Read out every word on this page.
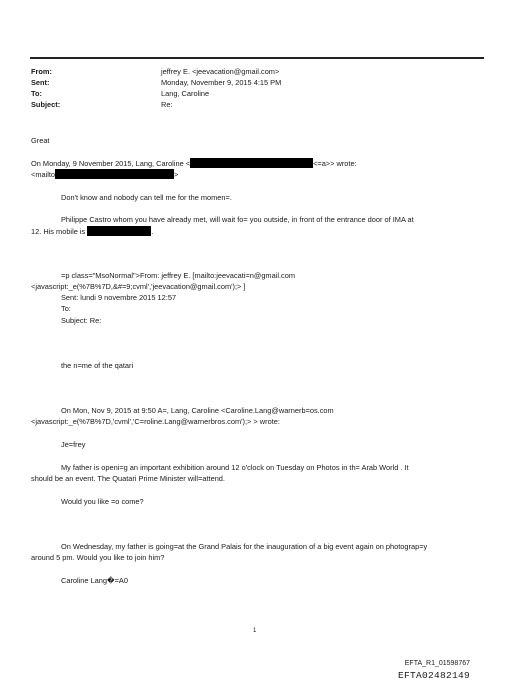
From:	jeffrey E. <jeevacation@gmail.com>
Sent:	Monday, November 9, 2015 4:15 PM
To:	Lang, Caroline
Subject:	Re:
Great
On Monday, 9 November 2015, Lang, Caroline <	<=a>> wrote:
<mailto	>
Don't know and nobody can tell me for the momen=.
Philippe Castro whom you have already met, will wait fo= you outside, in front of the entrance door of IMA at
12. His mobile is	.
=p class="MsoNormal">From: jeffrey E. [mailto:jeevacati=n@gmail.com
<javascript:_e(%7B%7D,&#=9;cvml','jeevacation@gmail.com');> ]
Sent: lundi 9 novembre 2015 12:57
To:
Subject: Re:
the n=me of the qatari
On Mon, Nov 9, 2015 at 9:50 A=, Lang, Caroline <Caroline.Lang@warnerb=os.com
<javascript:_e(%7B%7D,'cvml','C=roline.Lang@warnerbros.com');> > wrote:
Je=frey
My father is openi=g an important exhibition around 12 o'clock on Tuesday on Photos in th= Arab World . It
should be an event. The Quatari Prime Minister will=attend.
Would you like =o come?
On Wednesday, my father is going=at the Grand Palais for the inauguration of a big event again on photograp=y
around 5 pm. Would you like to join him?
Caroline Lang�=A0
1
EFTA_R1_01598767
EFTA02482149
